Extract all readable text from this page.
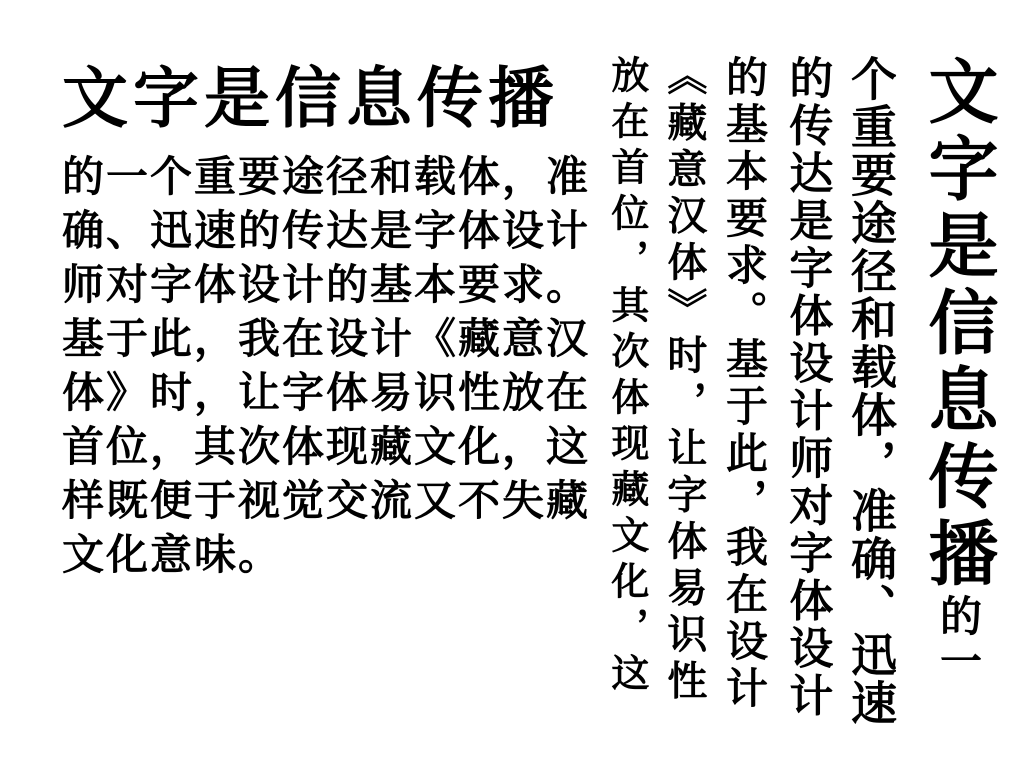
文字是信息传播
的一个重要途径和载体，准
确、迅速的传达是字体设计
师对字体设计的基本要求。
基于此，我在设计《藏意汉
体》时，让字体易识性放在
首位，其次体现藏文化，这
样既便于视觉交流又不失藏
文化意味。	文字是信息传播的一
个重要途径和载体，准确、迅速
的传达是字体设计师对字体设计
的基本要求。基于此，我在设计
《藏意汉体》时，让字体易识性
放在首位，其次体现藏文化，这
